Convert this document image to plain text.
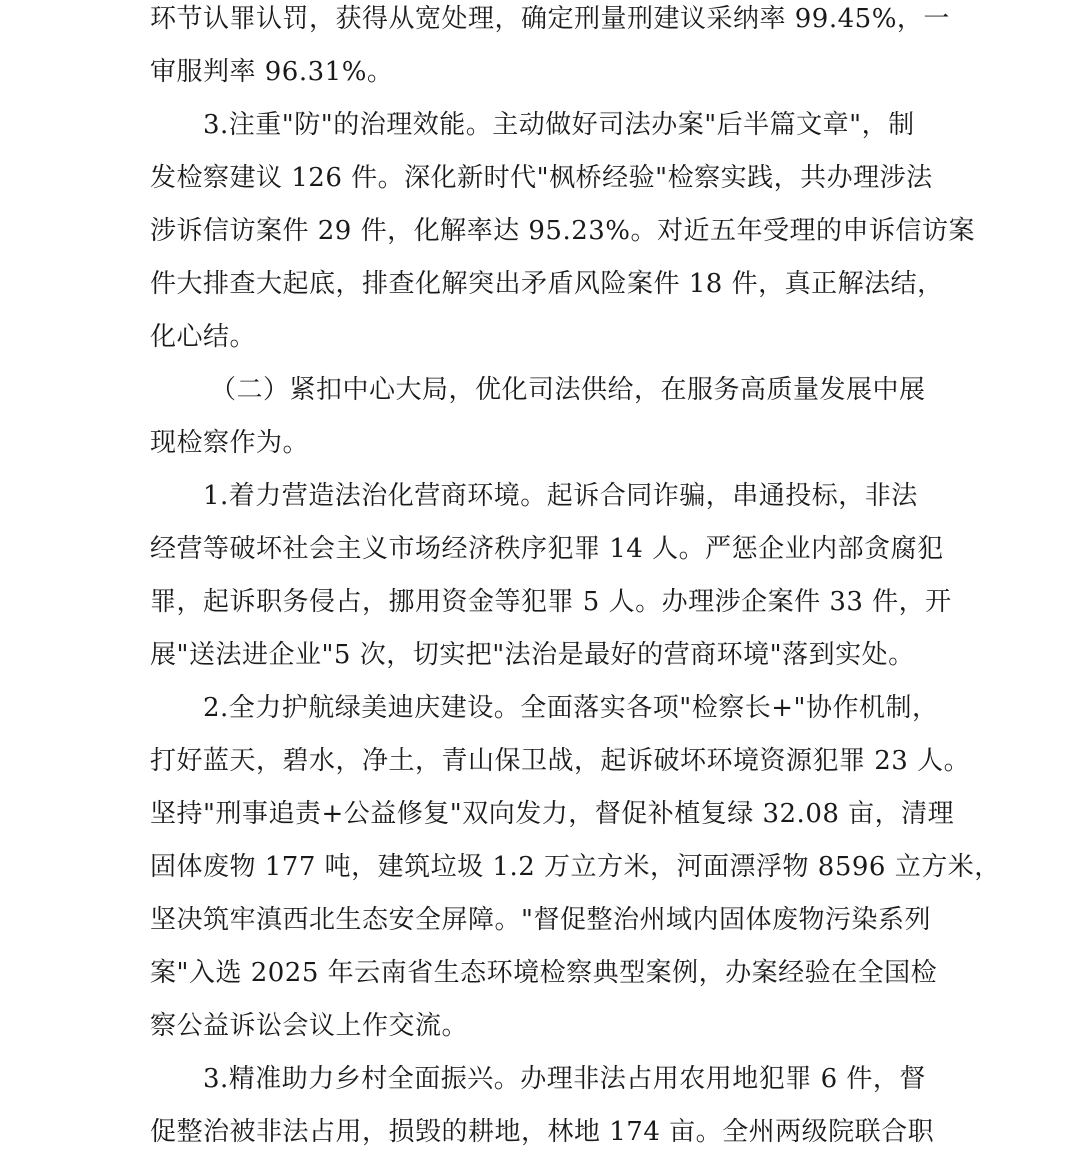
环节认罪认罚，获得从宽处理，确定刑量刑建议采纳率 99.45%，一
审服判率 96.31%。
3.注重"防"的治理效能。主动做好司法办案"后半篇文章"，制
发检察建议 126 件。深化新时代"枫桥经验"检察实践，共办理涉法
涉诉信访案件 29 件，化解率达 95.23%。对近五年受理的申诉信访案
件大排查大起底，排查化解突出矛盾风险案件 18 件，真正解法结，
化心结。
（二）紧扣中心大局，优化司法供给，在服务高质量发展中展
现检察作为。
1.着力营造法治化营商环境。起诉合同诈骗，串通投标，非法
经营等破坏社会主义市场经济秩序犯罪 14 人。严惩企业内部贪腐犯
罪，起诉职务侵占，挪用资金等犯罪 5 人。办理涉企案件 33 件，开
展"送法进企业"5 次，切实把"法治是最好的营商环境"落到实处。
2.全力护航绿美迪庆建设。全面落实各项"检察长+"协作机制，
打好蓝天，碧水，净土，青山保卫战，起诉破坏环境资源犯罪 23 人。
坚持"刑事追责+公益修复"双向发力，督促补植复绿 32.08 亩，清理
固体废物 177 吨，建筑垃圾 1.2 万立方米，河面漂浮物 8596 立方米，
坚决筑牢滇西北生态安全屏障。"督促整治州域内固体废物污染系列
案"入选 2025 年云南省生态环境检察典型案例，办案经验在全国检
察公益诉讼会议上作交流。
3.精准助力乡村全面振兴。办理非法占用农用地犯罪 6 件，督
促整治被非法占用，损毁的耕地，林地 174 亩。全州两级院联合职
